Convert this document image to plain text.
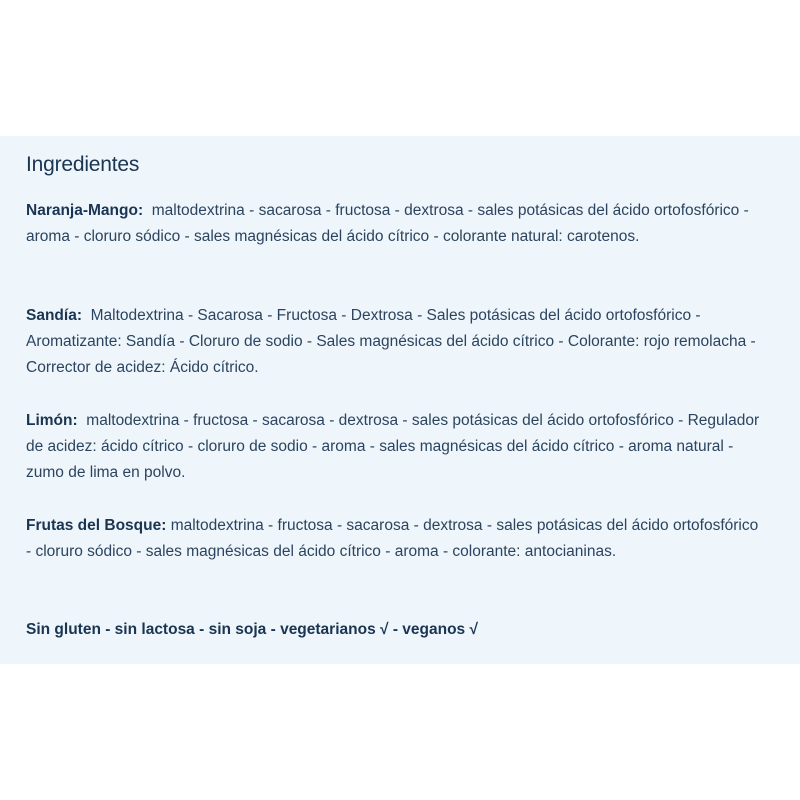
Ingredientes

Naranja-Mango: maltodextrina - sacarosa - fructosa - dextrosa - sales potásicas del ácido ortofosfórico - aroma - cloruro sódico - sales magnésicas del ácido cítrico - colorante natural: carotenos.

Sandía: Maltodextrina - Sacarosa - Fructosa - Dextrosa - Sales potásicas del ácido ortofosfórico - Aromatizante: Sandía - Cloruro de sodio - Sales magnésicas del ácido cítrico - Colorante: rojo remolacha - Corrector de acidez: Ácido cítrico.

Limón: maltodextrina - fructosa - sacarosa - dextrosa - sales potásicas del ácido ortofosfórico - Regulador de acidez: ácido cítrico - cloruro de sodio - aroma - sales magnésicas del ácido cítrico - aroma natural - zumo de lima en polvo.

Frutas del Bosque: maltodextrina - fructosa - sacarosa - dextrosa - sales potásicas del ácido ortofosfórico - cloruro sódico - sales magnésicas del ácido cítrico - aroma - colorante: antocianinas.

Sin gluten - sin lactosa - sin soja - vegetarianos √ - veganos √
